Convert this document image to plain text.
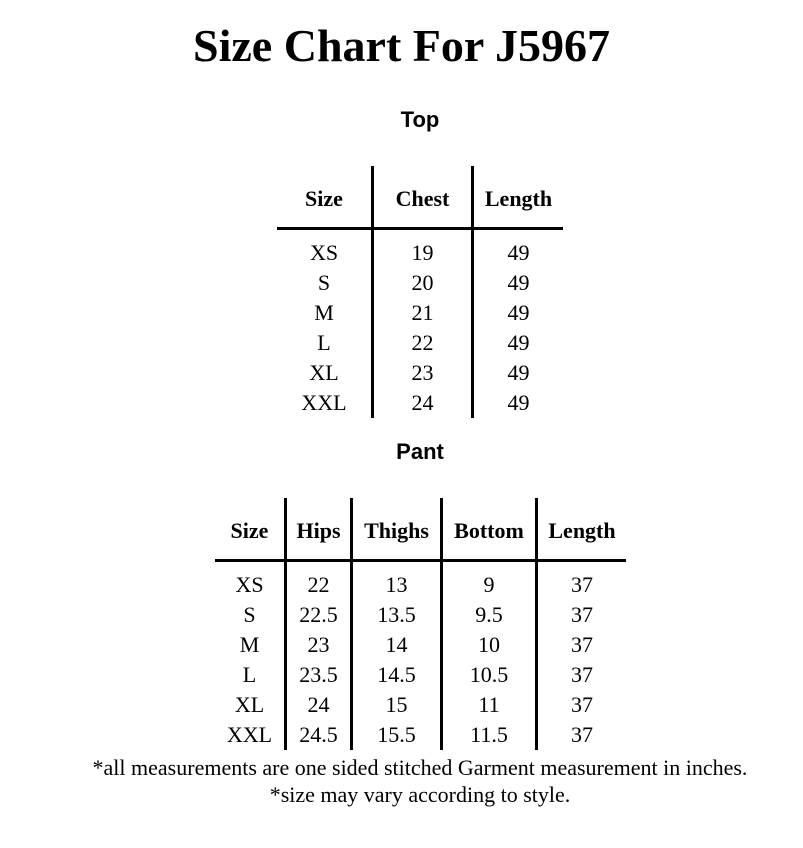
Size Chart For J5967
Top
Size	Chest	Length

XS	19	49
S	20	49
M	21	49
L	22	49
XL	23	49
XXL	24	49
Pant
Size	Hips	Thighs	Bottom	Length

XS	22	13	9	37
S	22.5	13.5	9.5	37
M	23	14	10	37
L	23.5	14.5	10.5	37
XL	24	15	11	37
XXL	24.5	15.5	11.5	37
*all measurements are one sided stitched Garment measurement in inches.
*size may vary according to style.
